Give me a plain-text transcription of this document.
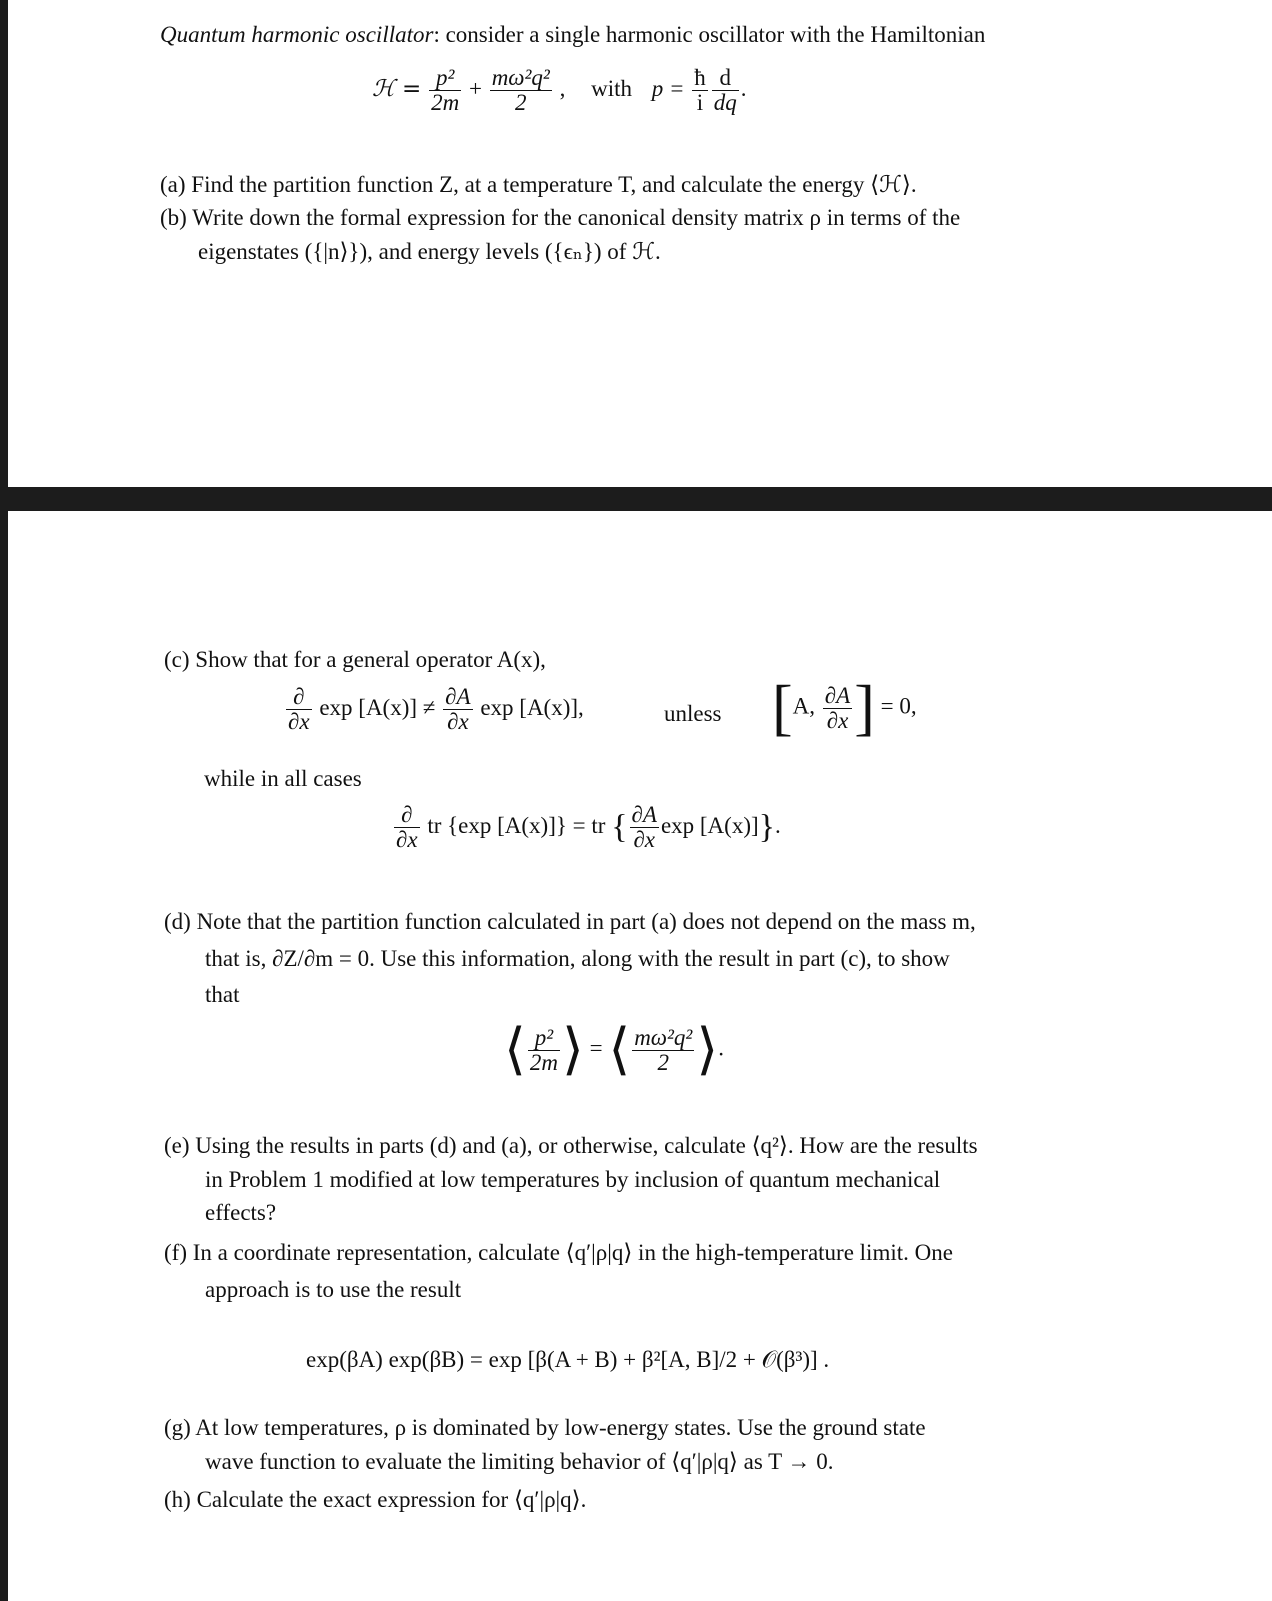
Quantum harmonic oscillator: consider a single harmonic oscillator with the Hamiltonian
ℋ = $\frac{\text{p²}}{2m} + \frac{\text{mω²q²}}{2}$ , with $p = \frac{ħ}{i} \frac{d}{dq}$ .
(a) Find the partition function Z, at a temperature T, and calculate the energy ⟨ℋ⟩.
(b) Write down the formal expression for the canonical density matrix ρ in terms of the
eigenstates ({|n⟩}), and energy levels ({ϵₙ}) of ℋ.
(c) Show that for a general operator A(x),
$\frac{\partial}{\partial x}$ $\exp [A(x)] \ne \frac{\partial A}{\partial x}$ exp [A(x)],	unless [A, $\frac{\partial A}{\partial x}$ ] = 0,
while in all cases
$\frac{\partial}{\partial x}$ tr {exp [A(x)]} = tr { $\frac{\partial A}{\partial x}$ exp [A(x)]}.
(d) Note that the partition function calculated in part (a) does not depend on the mass m,
that is, ∂Z/∂m = 0. Use this information, along with the result in part (c), to show
that
⟨ $\frac{\text{p²}}{2m}$ ⟩ = ⟨ $\frac{\text{mω²q²}}{2}$ ⟩.
(e) Using the results in parts (d) and (a), or otherwise, calculate ⟨q²⟩. How are the results
in Problem 1 modified at low temperatures by inclusion of quantum mechanical
effects?
(f) In a coordinate representation, calculate ⟨q′|ρ|q⟩ in the high-temperature limit. One
approach is to use the result
exp(βA) exp(βB) = exp [β(A + B) + β²[A, B]/2 + 𝒪(β³)] .
(g) At low temperatures, ρ is dominated by low-energy states. Use the ground state
wave function to evaluate the limiting behavior of ⟨q′|ρ|q⟩ as T → 0.
(h) Calculate the exact expression for ⟨q′|ρ|q⟩.
